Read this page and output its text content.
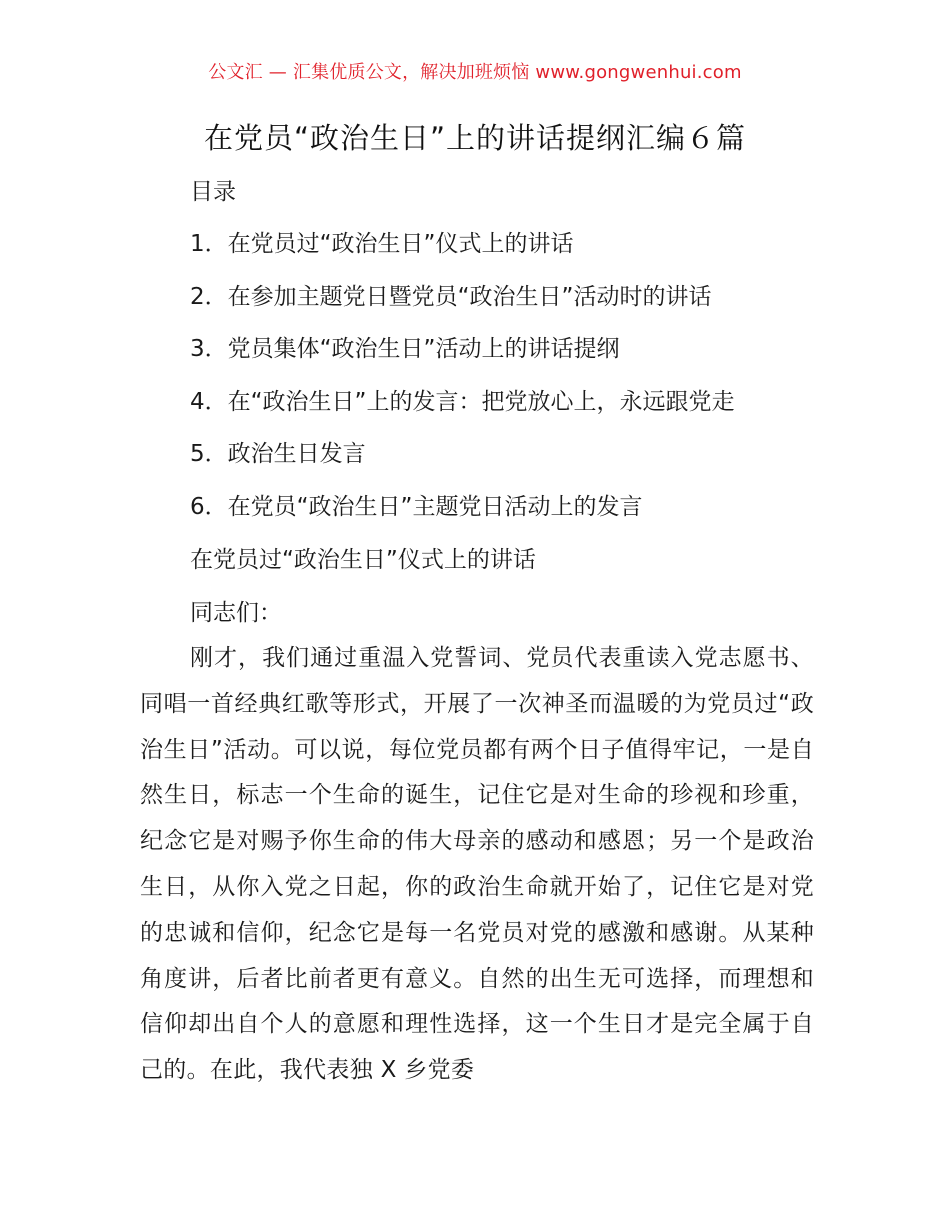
公文汇 — 汇集优质公文，解决加班烦恼 www.gongwenhui.com
在党员“政治生日”上的讲话提纲汇编６篇
目录
1．在党员过“政治生日”仪式上的讲话
2．在参加主题党日暨党员“政治生日”活动时的讲话
3．党员集体“政治生日”活动上的讲话提纲
4．在“政治生日”上的发言：把党放心上，永远跟党走
5．政治生日发言
6．在党员“政治生日”主题党日活动上的发言
在党员过“政治生日”仪式上的讲话
同志们：

刚才，我们通过重温入党誓词、党员代表重读入党志愿书、同唱一首经典红歌等形式，开展了一次神圣而温暖的为党员过“政治生日”活动。可以说，每位党员都有两个日子值得牢记，一是自然生日，标志一个生命的诞生，记住它是对生命的珍视和珍重，纪念它是对赐予你生命的伟大母亲的感动和感恩；另一个是政治生日，从你入党之日起，你的政治生命就开始了，记住它是对党的忠诚和信仰，纪念它是每一名党员对党的感激和感谢。从某种角度讲，后者比前者更有意义。自然的出生无可选择，而理想和信仰却出自个人的意愿和理性选择，这一个生日才是完全属于自己的。在此，我代表独 X 乡党委
